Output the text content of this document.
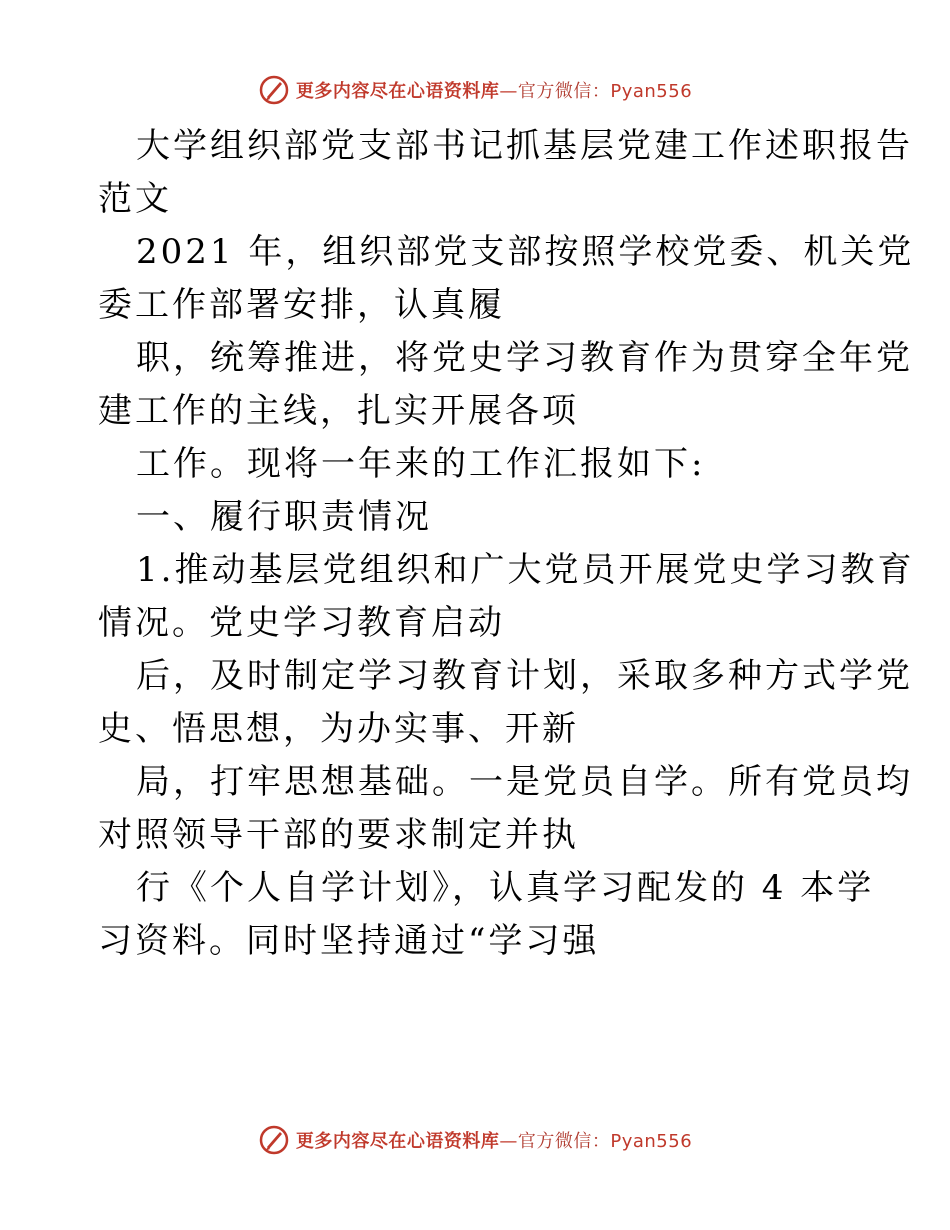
更多内容尽在心语资料库—官方微信：Pyan556
大学组织部党支部书记抓基层党建工作述职报告
范文
2021 年，组织部党支部按照学校党委、机关党
委工作部署安排，认真履
职，统筹推进，将党史学习教育作为贯穿全年党
建工作的主线，扎实开展各项
工作。现将一年来的工作汇报如下:
一、履行职责情况
1.推动基层党组织和广大党员开展党史学习教育
情况。党史学习教育启动
后，及时制定学习教育计划，采取多种方式学党
史、悟思想，为办实事、开新
局，打牢思想基础。一是党员自学。所有党员均
对照领导干部的要求制定并执
行《个人自学计划》，认真学习配发的 4 本学
习资料。同时坚持通过“学习强
更多内容尽在心语资料库—官方微信：Pyan556
